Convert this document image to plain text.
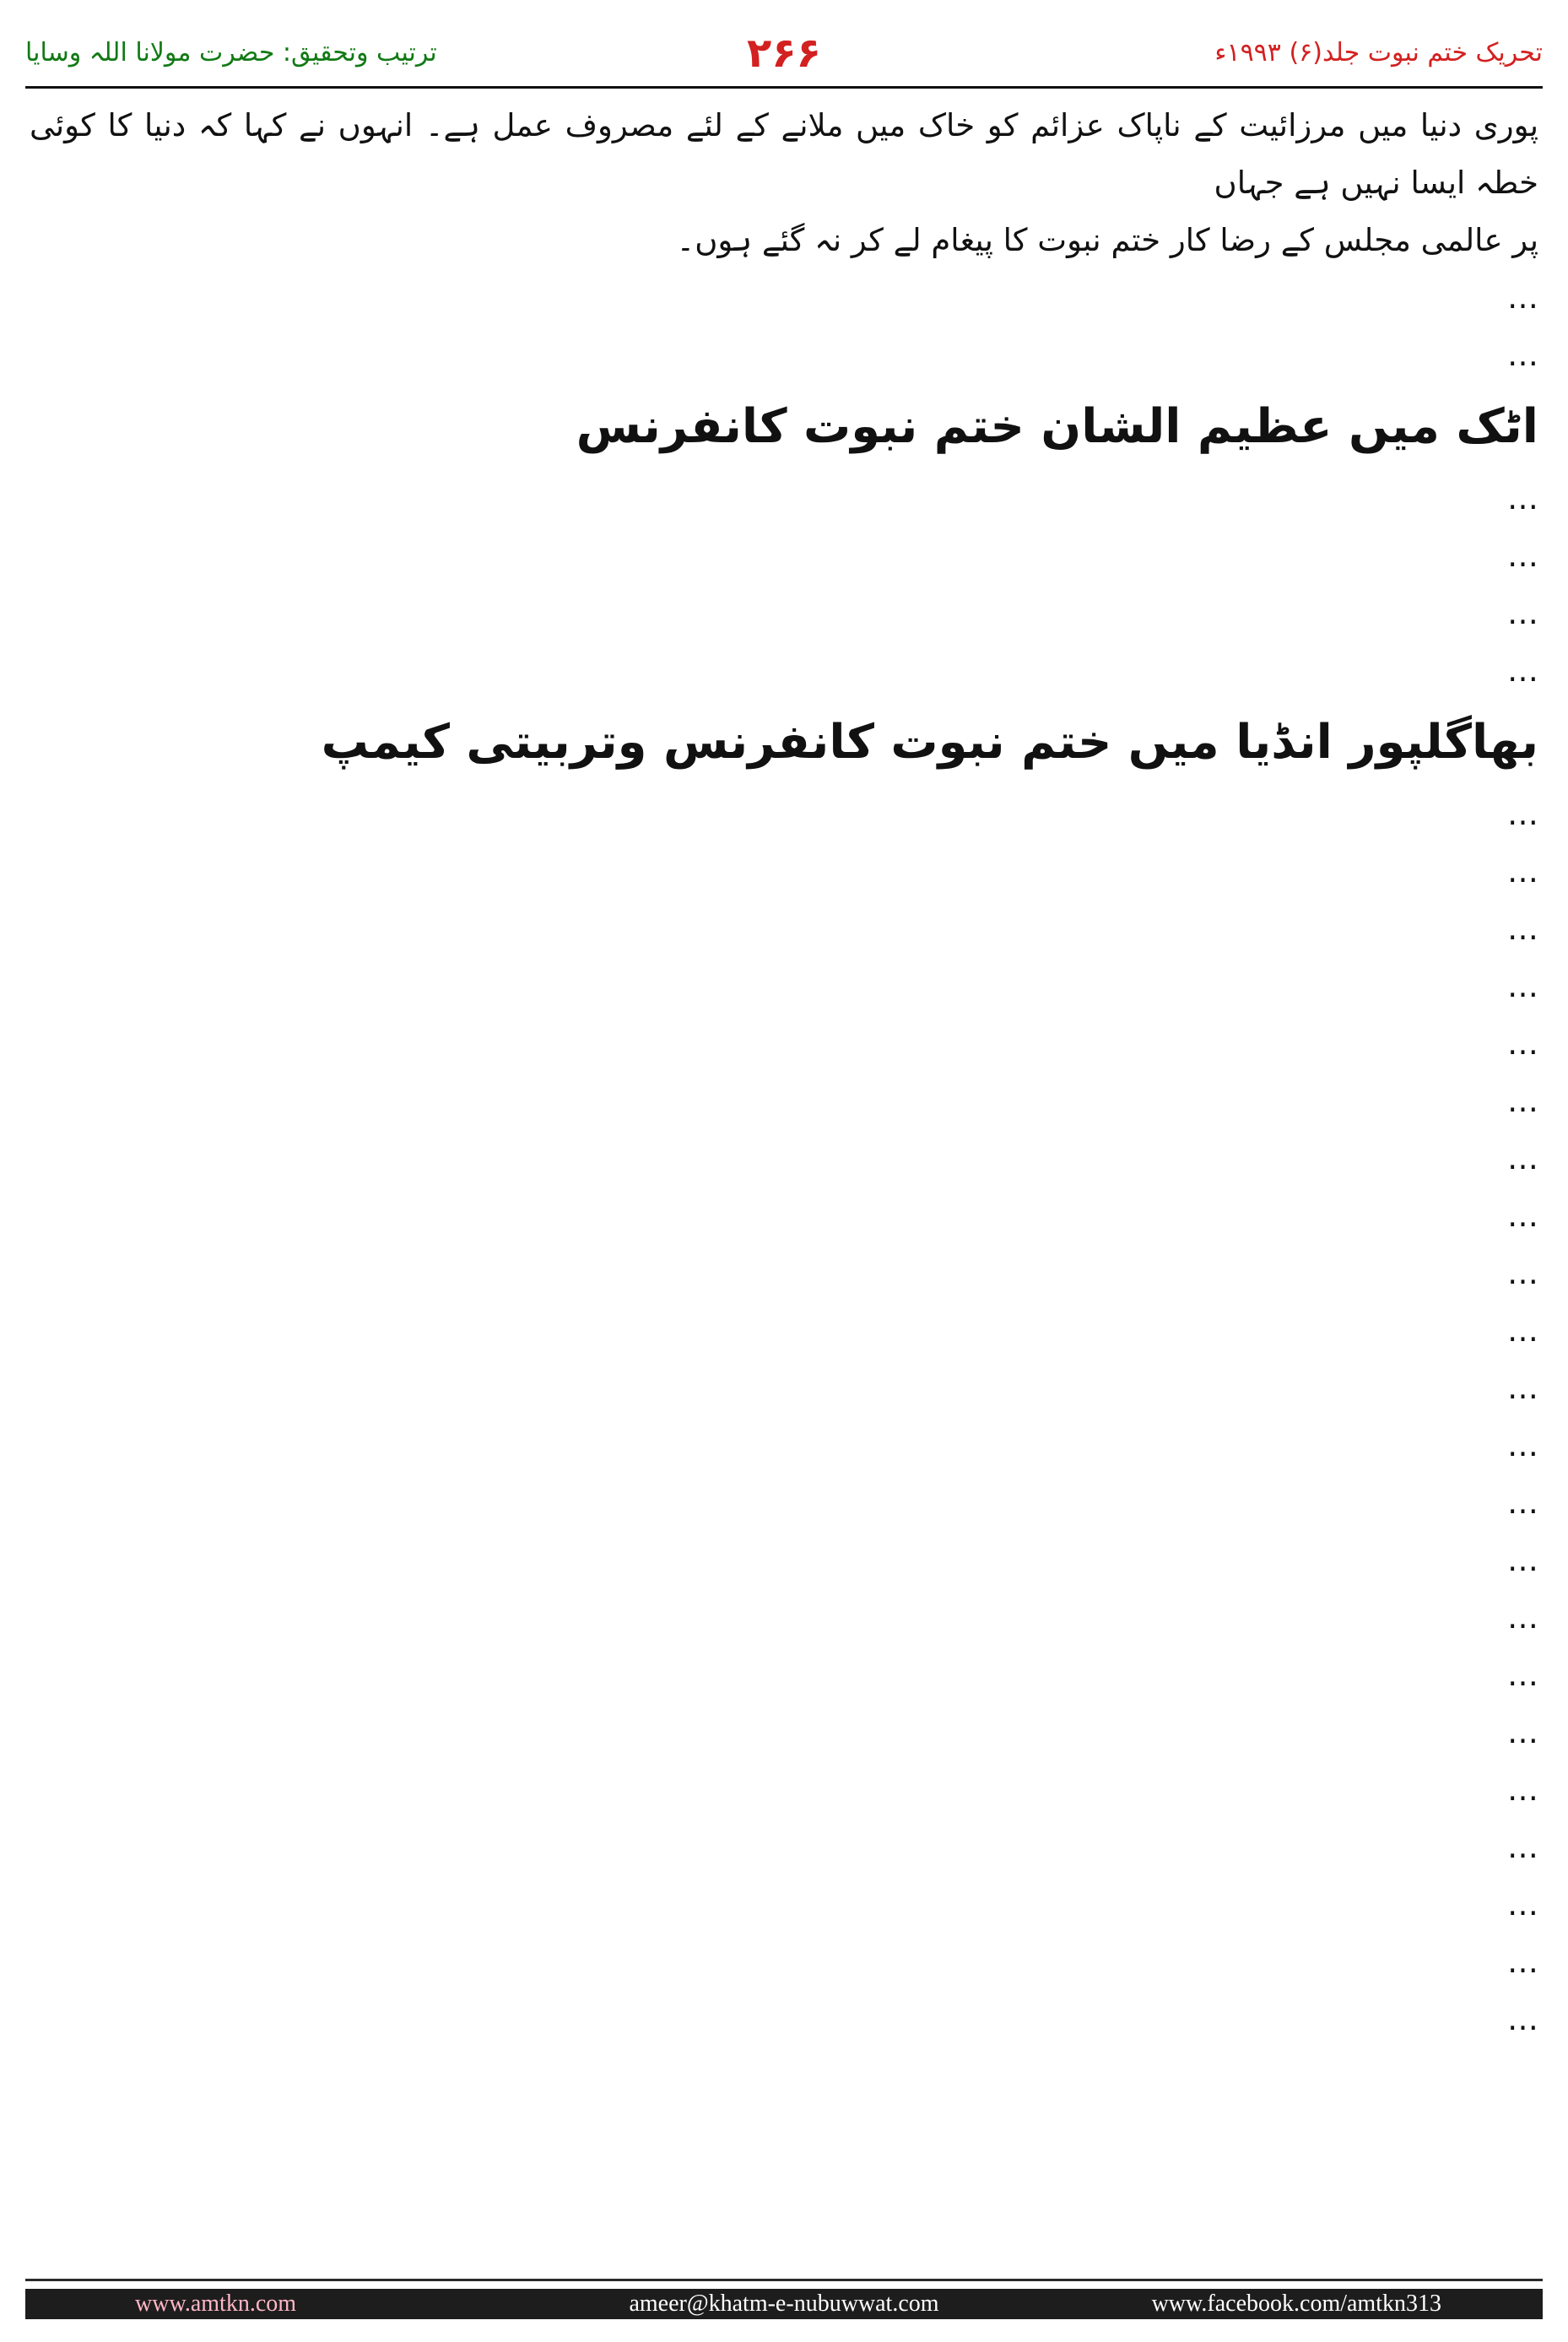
ترتیب وتحقیق: حضرت مولانا اللہ وسایا	۲۶۶	تحریک ختم نبوت جلد(۶) ۱۹۹۳ء

پوری دنیا میں مرزائیت کے ناپاک عزائم کو خاک میں ملانے کے لئے مصروف عمل ہے۔ انہوں نے کہا کہ دنیا کا کوئی خطہ ایسا نہیں ہے جہاں

پر عالمی مجلس کے رضا کار ختم نبوت کا پیغام لے کر نہ گئے ہوں۔

…

…

اٹک میں عظیم الشان ختم نبوت کانفرنس

…

…

…

…

بھاگلپور انڈیا میں ختم نبوت کانفرنس وتربیتی کیمپ

…

…

…

…

…

…

…

…

…

…

…

…

…

…

…

…

…

…

…

…

…

…

www.amtkn.com	ameer@khatm-e-nubuwwat.com	www.facebook.com/amtkn313
